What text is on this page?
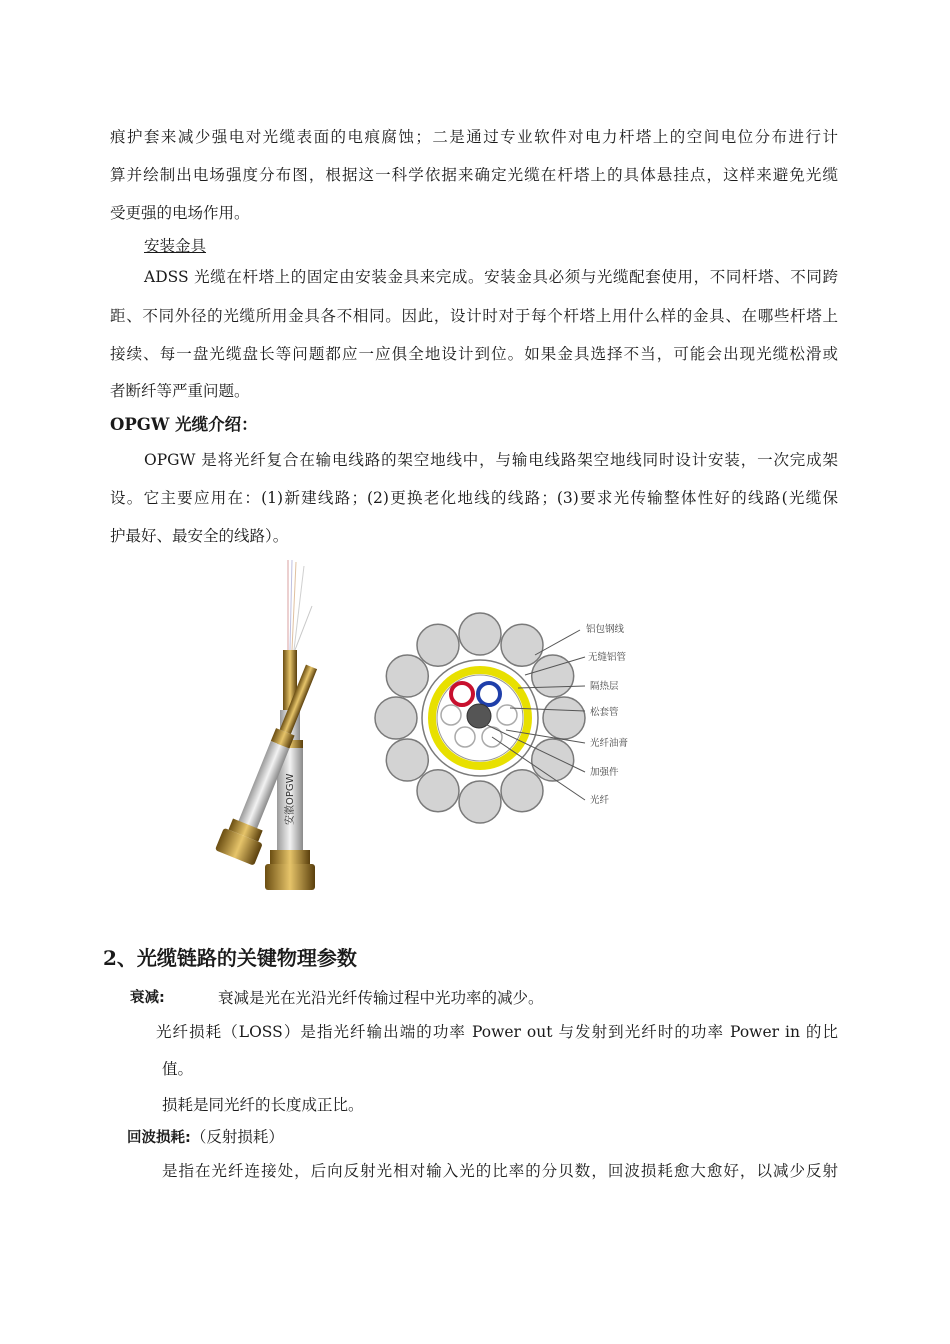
痕护套来减少强电对光缆表面的电痕腐蚀；二是通过专业软件对电力杆塔上的空间电位分布进行计
算并绘制出电场强度分布图，根据这一科学依据来确定光缆在杆塔上的具体悬挂点，这样来避免光缆
受更强的电场作用。
安装金具
ADSS 光缆在杆塔上的固定由安装金具来完成。安装金具必须与光缆配套使用，不同杆塔、不同跨
距、不同外径的光缆所用金具各不相同。因此，设计时对于每个杆塔上用什么样的金具、在哪些杆塔上
接续、每一盘光缆盘长等问题都应一应俱全地设计到位。如果金具选择不当，可能会出现光缆松滑或
者断纤等严重问题。
OPGW 光缆介绍：
OPGW 是将光纤复合在输电线路的架空地线中，与输电线路架空地线同时设计安装，一次完成架
设。它主要应用在：(1)新建线路；(2)更换老化地线的线路；(3)要求光传输整体性好的线路(光缆保
护最好、最安全的线路）。
安徽OPGW
铝包钢线
无缝铝管
隔热层
松套管
光纤油膏
加强件
光纤
2、光缆链路的关键物理参数
衰减:	衰减是光在光沿光纤传输过程中光功率的减少。
光纤损耗（LOSS）是指光纤输出端的功率 Power out 与发射到光纤时的功率 Power in 的比
值。
损耗是同光纤的长度成正比。
回波损耗:（反射损耗）
是指在光纤连接处，后向反射光相对输入光的比率的分贝数，回波损耗愈大愈好，以减少反射
